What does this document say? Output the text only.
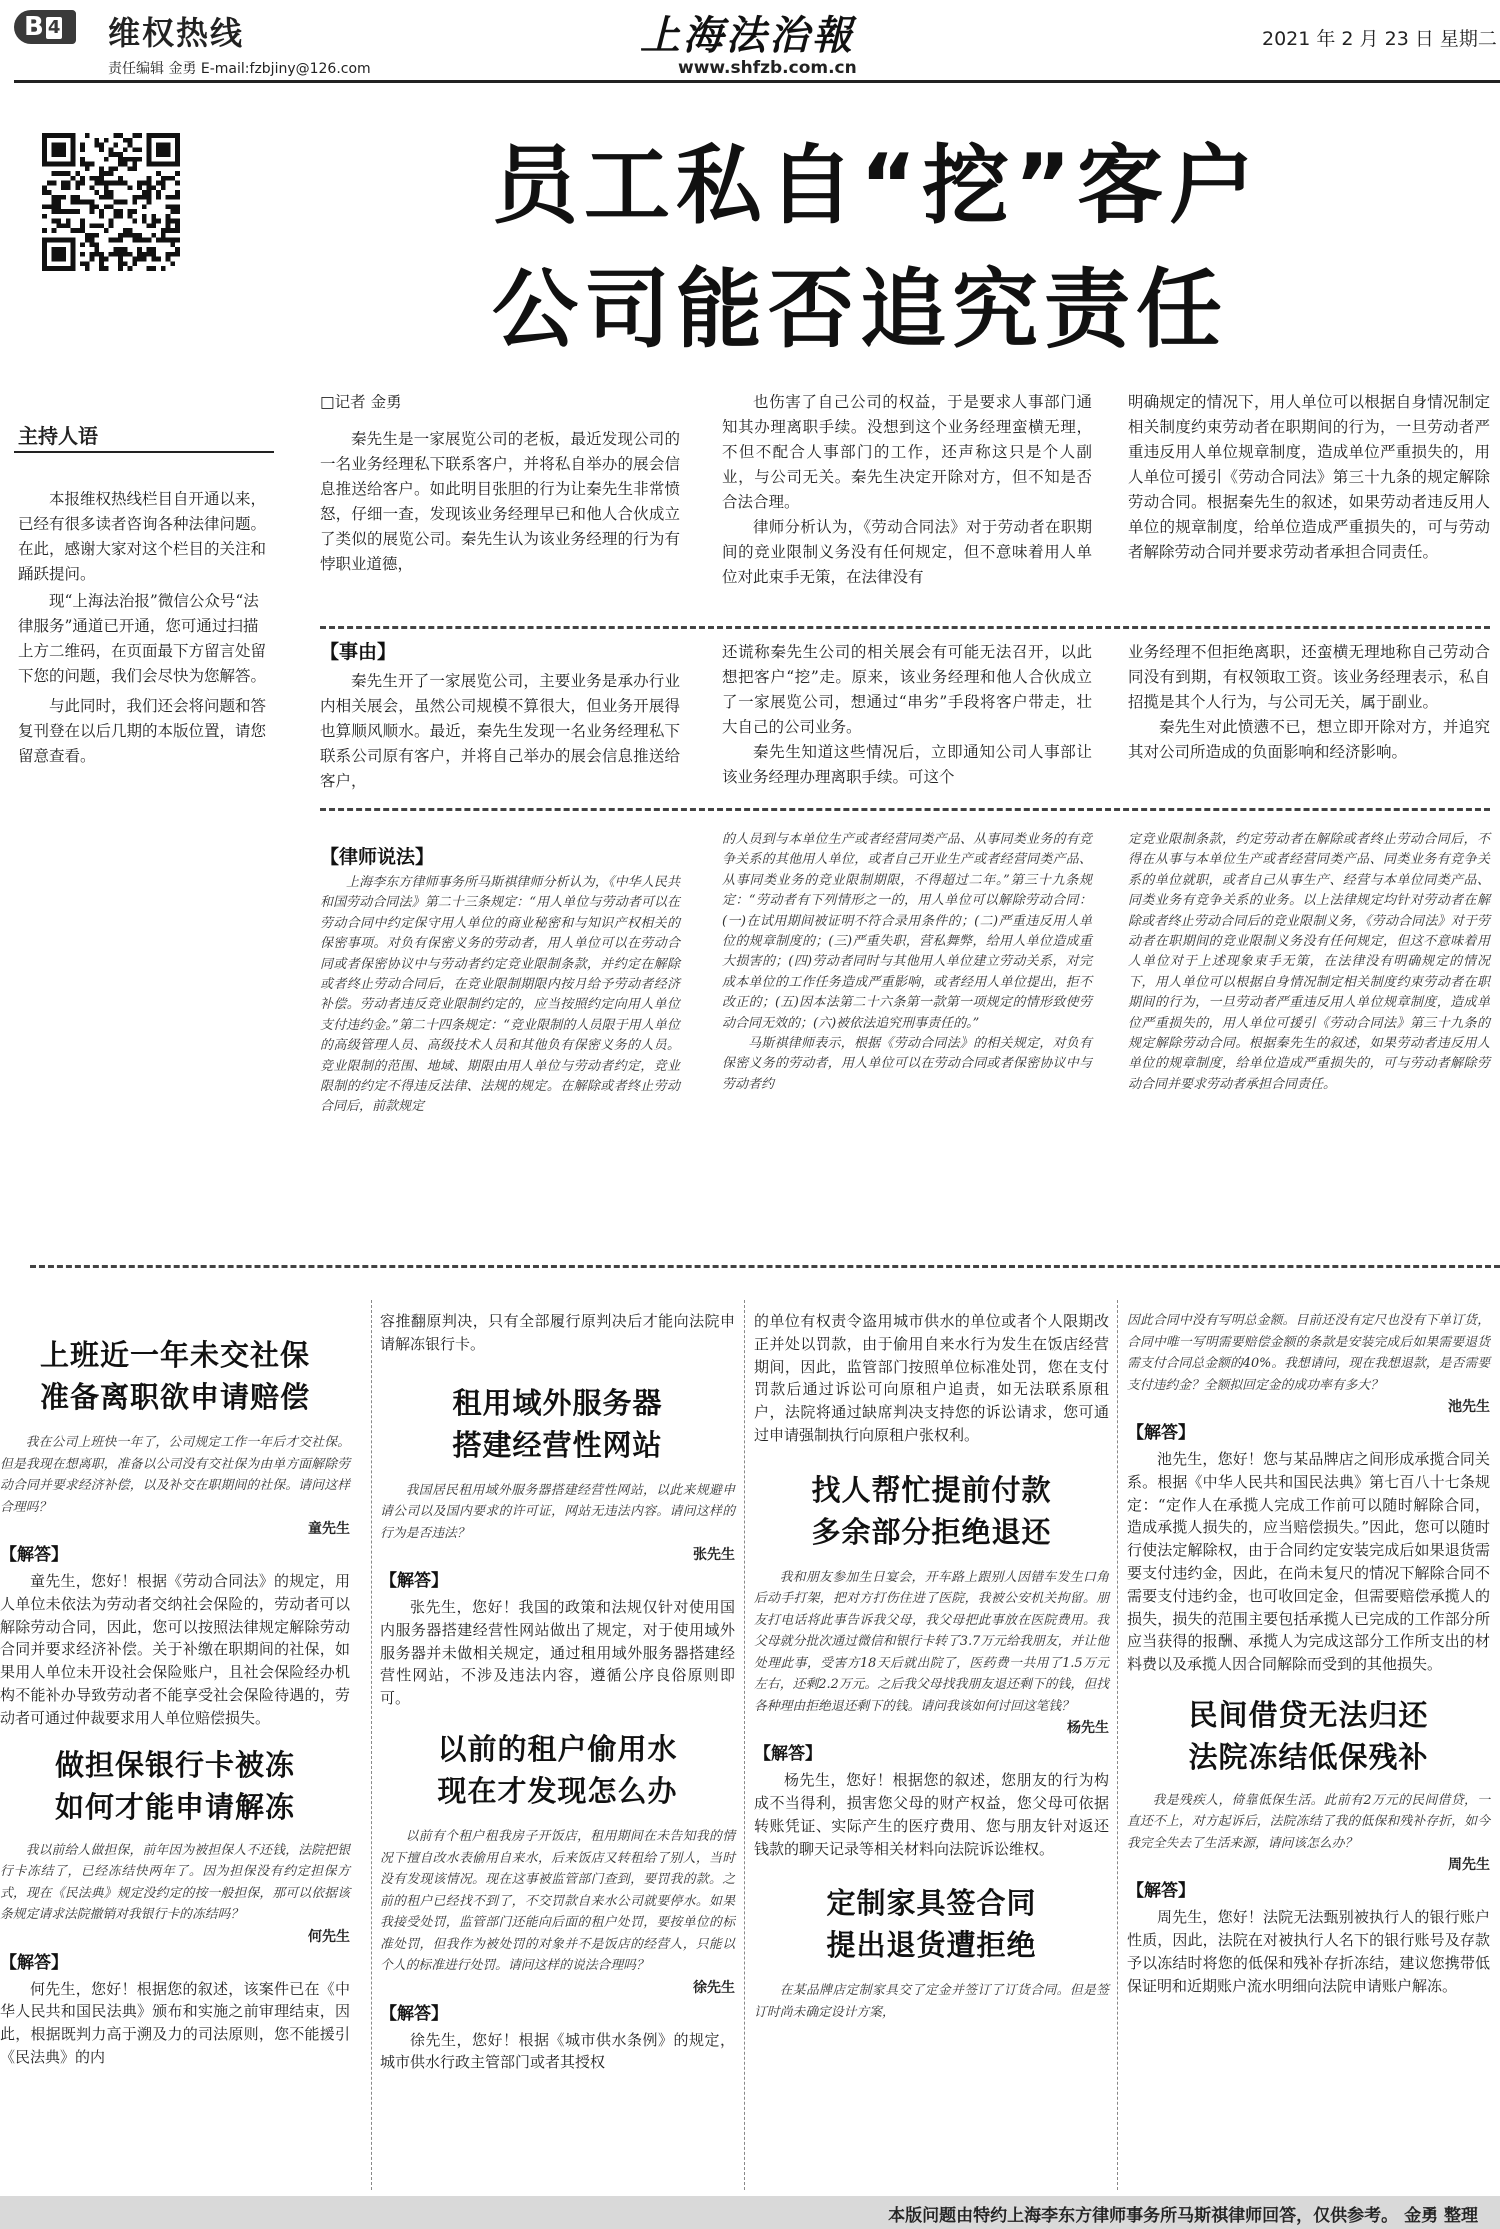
B 4	维权热线
责任编辑 金勇 E-mail:fzbjiny@126.com
上海法治報
www.shfzb.com.cn
2021 年 2 月 23 日 星期二
员工私自“挖”客户
公司能否追究责任
主持人语
本报维权热线栏目自开通以来，已经有很多读者咨询各种法律问题。在此，感谢大家对这个栏目的关注和踊跃提问。
现“上海法治报”微信公众号“法律服务”通道已开通，您可通过扫描上方二维码，在页面最下方留言处留下您的问题，我们会尽快为您解答。
与此同时，我们还会将问题和答复刊登在以后几期的本版位置，请您留意查看。

□记者 金勇

秦先生是一家展览公司的老板，最近发现公司的一名业务经理私下联系客户，并将私自举办的展会信息推送给客户。如此明目张胆的行为让秦先生非常愤怒，仔细一查，发现该业务经理早已和他人合伙成立了类似的展览公司。秦先生认为该业务经理的行为有悖职业道德，

也伤害了自己公司的权益，于是要求人事部门通知其办理离职手续。没想到这个业务经理蛮横无理，不但不配合人事部门的工作，还声称这只是个人副业，与公司无关。秦先生决定开除对方，但不知是否合法合理。

律师分析认为，《劳动合同法》对于劳动者在职期间的竞业限制义务没有任何规定，但不意味着用人单位对此束手无策，在法律没有

明确规定的情况下，用人单位可以根据自身情况制定相关制度约束劳动者在职期间的行为，一旦劳动者严重违反用人单位规章制度，造成单位严重损失的，用人单位可援引《劳动合同法》第三十九条的规定解除劳动合同。根据秦先生的叙述，如果劳动者违反用人单位的规章制度，给单位造成严重损失的，可与劳动者解除劳动合同并要求劳动者承担合同责任。

【事由】

秦先生开了一家展览公司，主要业务是承办行业内相关展会，虽然公司规模不算很大，但业务开展得也算顺风顺水。最近，秦先生发现一名业务经理私下联系公司原有客户，并将自己举办的展会信息推送给客户，

还谎称秦先生公司的相关展会有可能无法召开，以此想把客户“挖”走。原来，该业务经理和他人合伙成立了一家展览公司，想通过“串劣”手段将客户带走，壮大自己的公司业务。

秦先生知道这些情况后，立即通知公司人事部让该业务经理办理离职手续。可这个

业务经理不但拒绝离职，还蛮横无理地称自己劳动合同没有到期，有权领取工资。该业务经理表示，私自招揽是其个人行为，与公司无关，属于副业。

秦先生对此愤懑不已，想立即开除对方，并追究其对公司所造成的负面影响和经济影响。

【律师说法】

上海李东方律师事务所马斯祺律师分析认为，《中华人民共和国劳动合同法》第二十三条规定：“用人单位与劳动者可以在劳动合同中约定保守用人单位的商业秘密和与知识产权相关的保密事项。对负有保密义务的劳动者，用人单位可以在劳动合同或者保密协议中与劳动者约定竞业限制条款，并约定在解除或者终止劳动合同后，在竞业限制期限内按月给予劳动者经济补偿。劳动者违反竞业限制约定的，应当按照约定向用人单位支付违约金。”第二十四条规定：“竞业限制的人员限于用人单位的高级管理人员、高级技术人员和其他负有保密义务的人员。竞业限制的范围、地域、期限由用人单位与劳动者约定，竞业限制的约定不得违反法律、法规的规定。在解除或者终止劳动合同后，前款规定

的人员到与本单位生产或者经营同类产品、从事同类业务的有竞争关系的其他用人单位，或者自己开业生产或者经营同类产品、从事同类业务的竞业限制期限，不得超过二年。”第三十九条规定：“劳动者有下列情形之一的，用人单位可以解除劳动合同：(一)在试用期间被证明不符合录用条件的；(二)严重违反用人单位的规章制度的；(三)严重失职，营私舞弊，给用人单位造成重大损害的；(四)劳动者同时与其他用人单位建立劳动关系，对完成本单位的工作任务造成严重影响，或者经用人单位提出，拒不改正的；(五)因本法第二十六条第一款第一项规定的情形致使劳动合同无效的；(六)被依法追究刑事责任的。”

马斯祺律师表示，根据《劳动合同法》的相关规定，对负有保密义务的劳动者，用人单位可以在劳动合同或者保密协议中与劳动者约

定竞业限制条款，约定劳动者在解除或者终止劳动合同后，不得在从事与本单位生产或者经营同类产品、同类业务有竞争关系的单位就职，或者自己从事生产、经营与本单位同类产品、同类业务有竞争关系的业务。以上法律规定均针对劳动者在解除或者终止劳动合同后的竞业限制义务，《劳动合同法》对于劳动者在职期间的竞业限制义务没有任何规定，但这不意味着用人单位对于上述现象束手无策，在法律没有明确规定的情况下，用人单位可以根据自身情况制定相关制度约束劳动者在职期间的行为，一旦劳动者严重违反用人单位规章制度，造成单位严重损失的，用人单位可援引《劳动合同法》第三十九条的规定解除劳动合同。根据秦先生的叙述，如果劳动者违反用人单位的规章制度，给单位造成严重损失的，可与劳动者解除劳动合同并要求劳动者承担合同责任。

上班近一年未交社保
准备离职欲申请赔偿
我在公司上班快一年了，公司规定工作一年后才交社保。但是我现在想离职，准备以公司没有交社保为由单方面解除劳动合同并要求经济补偿，以及补交在职期间的社保。请问这样合理吗？
童先生
【解答】
童先生，您好！根据《劳动合同法》的规定，用人单位未依法为劳动者交纳社会保险的，劳动者可以解除劳动合同，因此，您可以按照法律规定解除劳动合同并要求经济补偿。关于补缴在职期间的社保，如果用人单位未开设社会保险账户，且社会保险经办机构不能补办导致劳动者不能享受社会保险待遇的，劳动者可通过仲裁要求用人单位赔偿损失。
做担保银行卡被冻
如何才能申请解冻
我以前给人做担保，前年因为被担保人不还钱，法院把银行卡冻结了，已经冻结快两年了。因为担保没有约定担保方式，现在《民法典》规定没约定的按一般担保，那可以依据该条规定请求法院撤销对我银行卡的冻结吗？
何先生
【解答】
何先生，您好！根据您的叙述，该案件已在《中华人民共和国民法典》颁布和实施之前审理结束，因此，根据既判力高于溯及力的司法原则，您不能援引《民法典》的内
容推翻原判决，只有全部履行原判决后才能向法院申请解冻银行卡。
租用域外服务器
搭建经营性网站
我国居民租用域外服务器搭建经营性网站，以此来规避申请公司以及国内要求的许可证，网站无违法内容。请问这样的行为是否违法？
张先生
【解答】
张先生，您好！我国的政策和法规仅针对使用国内服务器搭建经营性网站做出了规定，对于使用域外服务器并未做相关规定，通过租用域外服务器搭建经营性网站，不涉及违法内容，遵循公序良俗原则即可。
以前的租户偷用水
现在才发现怎么办
以前有个租户租我房子开饭店，租用期间在未告知我的情况下擅自改水表偷用自来水，后来饭店又转租给了别人，当时没有发现该情况。现在这事被监管部门查到，要罚我的款。之前的租户已经找不到了，不交罚款自来水公司就要停水。如果我接受处罚，监管部门还能向后面的租户处罚，要按单位的标准处罚，但我作为被处罚的对象并不是饭店的经营人，只能以个人的标准进行处罚。请问这样的说法合理吗？
徐先生
【解答】
徐先生，您好！根据《城市供水条例》的规定，城市供水行政主管部门或者其授权
的单位有权责令盗用城市供水的单位或者个人限期改正并处以罚款，由于偷用自来水行为发生在饭店经营期间，因此，监管部门按照单位标准处罚，您在支付罚款后通过诉讼可向原租户追责，如无法联系原租户，法院将通过缺席判决支持您的诉讼请求，您可通过申请强制执行向原租户张权利。
找人帮忙提前付款
多余部分拒绝退还
我和朋友参加生日宴会，开车路上跟别人因错车发生口角后动手打架，把对方打伤住进了医院，我被公安机关拘留。朋友打电话将此事告诉我父母，我父母把此事放在医院费用。我父母就分批次通过微信和银行卡转了3.7万元给我朋友，并让他处理此事，受害方18天后就出院了，医药费一共用了1.5万元左右，还剩2.2万元。之后我父母找我朋友退还剩下的钱，但找各种理由拒绝退还剩下的钱。请问我该如何讨回这笔钱？
杨先生
【解答】
杨先生，您好！根据您的叙述，您朋友的行为构成不当得利，损害您父母的财产权益，您父母可依据转账凭证、实际产生的医疗费用、您与朋友针对返还钱款的聊天记录等相关材料向法院诉讼维权。
定制家具签合同
提出退货遭拒绝
在某品牌店定制家具交了定金并签订了订货合同。但是签订时尚未确定设计方案，
因此合同中没有写明总金额。目前还没有定尺也没有下单订货，合同中唯一写明需要赔偿金额的条款是安装完成后如果需要退货需支付合同总金额的40%。我想请问，现在我想退款，是否需要支付违约金？全额拟回定金的成功率有多大？
池先生
【解答】
池先生，您好！您与某品牌店之间形成承揽合同关系。根据《中华人民共和国民法典》第七百八十七条规定：“定作人在承揽人完成工作前可以随时解除合同，造成承揽人损失的，应当赔偿损失。”因此，您可以随时行使法定解除权，由于合同约定安装完成后如果退货需要支付违约金，因此，在尚未复尺的情况下解除合同不需要支付违约金，也可收回定金，但需要赔偿承揽人的损失，损失的范围主要包括承揽人已完成的工作部分所应当获得的报酬、承揽人为完成这部分工作所支出的材料费以及承揽人因合同解除而受到的其他损失。
民间借贷无法归还
法院冻结低保残补
我是残疾人，倚靠低保生活。此前有2万元的民间借贷，一直还不上，对方起诉后，法院冻结了我的低保和残补存折，如今我完全失去了生活来源，请问该怎么办？
周先生
【解答】
周先生，您好！法院无法甄别被执行人的银行账户性质，因此，法院在对被执行人名下的银行账号及存款予以冻结时将您的低保和残补存折冻结，建议您携带低保证明和近期账户流水明细向法院申请账户解冻。
本版问题由特约上海李东方律师事务所马斯祺律师回答，仅供参考。 金勇 整理
